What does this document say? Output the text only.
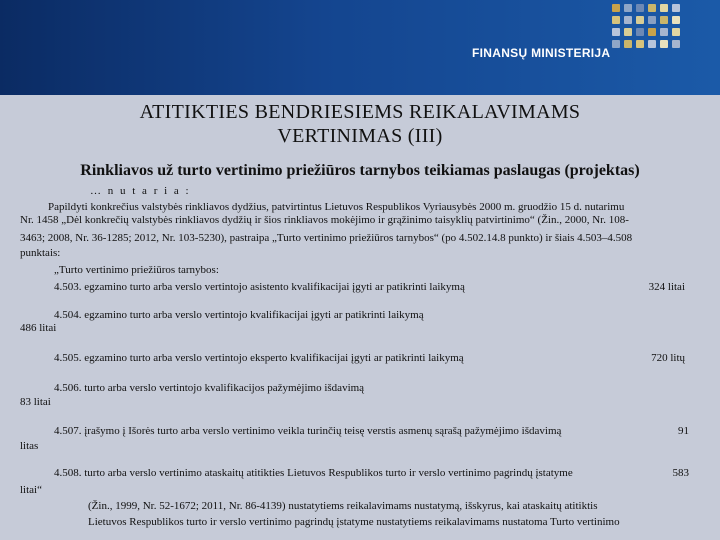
FINANSŲ MINISTERIJA
ATITIKTIES BENDRIESIEMS REIKALAVIMAMS
VERTINIMAS (III)
Rinkliavos už turto vertinimo priežiūros tarnybos teikiamas paslaugas (projektas)
… n u t a r i a :
Papildyti konkrečius valstybės rinkliavos dydžius, patvirtintus Lietuvos Respublikos Vyriausybės 2000 m. gruodžio 15 d. nutarimu
Nr. 1458 „Dėl konkrečių valstybės rinkliavos dydžių ir šios rinkliavos mokėjimo ir grąžinimo taisyklių patvirtinimo“ (Žin., 2000, Nr. 108-
3463; 2008, Nr. 36-1285; 2012, Nr. 103-5230), pastraipa „Turto vertinimo priežiūros tarnybos“ (po 4.502.14.8 punkto) ir šiais 4.503–4.508
punktais:
„Turto vertinimo priežiūros tarnybos:
4.503. egzamino turto arba verslo vertintojo asistento kvalifikacijai įgyti ar patikrinti laikymą	324 litai
4.504. egzamino turto arba verslo vertintojo kvalifikacijai įgyti ar patikrinti laikymą
486 litai
4.505. egzamino turto arba verslo vertintojo eksperto kvalifikacijai įgyti ar patikrinti laikymą	720 litų
4.506. turto arba verslo vertintojo kvalifikacijos pažymėjimo išdavimą
83 litai
4.507. įrašymo į Išorės turto arba verslo vertinimo veikla turinčių teisę verstis asmenų sąrašą pažymėjimo išdavimą	91
litas
4.508. turto arba verslo vertinimo ataskaitų atitikties Lietuvos Respublikos turto ir verslo vertinimo pagrindų įstatyme	583
litai“
(Žin., 1999, Nr. 52-1672; 2011, Nr. 86-4139) nustatytiems reikalavimams nustatymą, išskyrus, kai ataskaitų atitiktis
Lietuvos Respublikos turto ir verslo vertinimo pagrindų įstatyme nustatytiems reikalavimams nustatoma Turto vertinimo
